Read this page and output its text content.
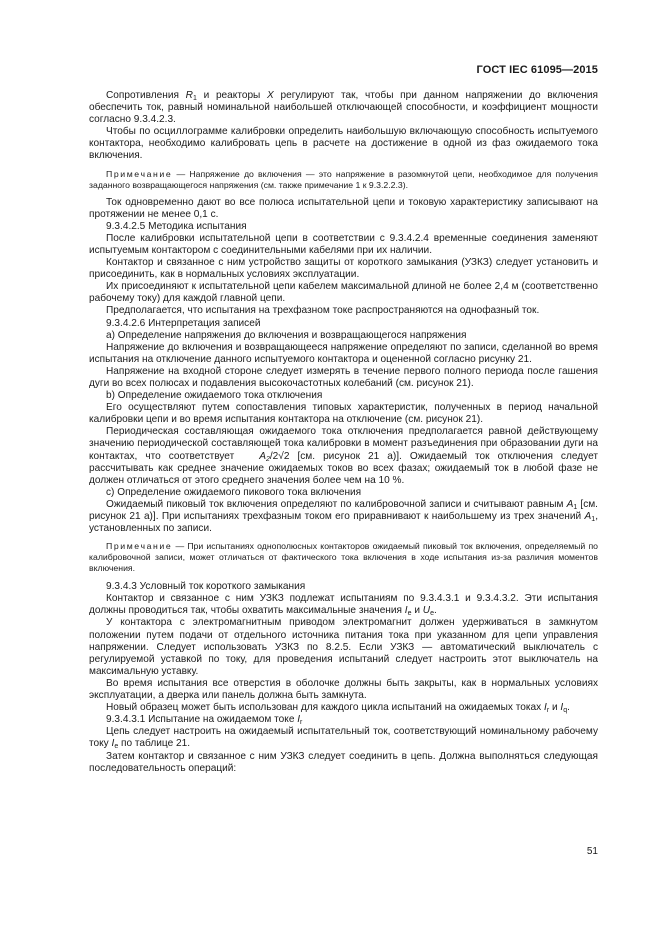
ГОСТ IEC 61095—2015

Сопротивления $R_1$ и реакторы X регулируют так, чтобы при данном напряжении до включения обеспечить ток, равный номинальной наибольшей отключающей способности, и коэффициент мощности согласно 9.3.4.2.3.

Чтобы по осциллограмме калибровки определить наибольшую включающую способность испытуемого контактора, необходимо калибровать цепь в расчете на достижение в одной из фаз ожидаемого тока включения.

Примечание — Напряжение до включения — это напряжение в разомкнутой цепи, необходимое для получения заданного возвращающегося напряжения (см. также примечание 1 к 9.3.2.2.3).

Ток одновременно дают во все полюса испытательной цепи и токовую характеристику записывают на протяжении не менее 0,1 с.

9.3.4.2.5 Методика испытания

После калибровки испытательной цепи в соответствии с 9.3.4.2.4 временные соединения заменяют испытуемым контактором с соединительными кабелями при их наличии.

Контактор и связанное с ним устройство защиты от короткого замыкания (УЗКЗ) следует установить и присоединить, как в нормальных условиях эксплуатации.

Их присоединяют к испытательной цепи кабелем максимальной длиной не более 2,4 м (соответственно рабочему току) для каждой главной цепи.

Предполагается, что испытания на трехфазном токе распространяются на однофазный ток.

9.3.4.2.6 Интерпретация записей

a) Определение напряжения до включения и возвращающегося напряжения

Напряжение до включения и возвращающееся напряжение определяют по записи, сделанной во время испытания на отключение данного испытуемого контактора и оцененной согласно рисунку 21.

Напряжение на входной стороне следует измерять в течение первого полного периода после гашения дуги во всех полюсах и подавления высокочастотных колебаний (см. рисунок 21).

b) Определение ожидаемого тока отключения

Его осуществляют путем сопоставления типовых характеристик, полученных в период начальной калибровки цепи и во время испытания контактора на отключение (см. рисунок 21).

Периодическая составляющая ожидаемого тока отключения предполагается равной действующему значению периодической составляющей тока калибровки в момент разъединения при образовании дуги на контактах, что соответствует $A_2/2√2$ [см. рисунок 21 а)]. Ожидаемый ток отключения следует рассчитывать как среднее значение ожидаемых токов во всех фазах; ожидаемый ток в любой фазе не должен отличаться от этого среднего значения более чем на 10 %.

c) Определение ожидаемого пикового тока включения

Ожидаемый пиковый ток включения определяют по калибровочной записи и считывают равным $A_1$ [см. рисунок 21 а)]. При испытаниях трехфазным током его приравнивают к наибольшему из трех значений $A_1$, установленных по записи.

Примечание — При испытаниях однополюсных контакторов ожидаемый пиковый ток включения, определяемый по калибровочной записи, может отличаться от фактического тока включения в ходе испытания из-за различия моментов включения.

9.3.4.3 Условный ток короткого замыкания

Контактор и связанное с ним УЗКЗ подлежат испытаниям по 9.3.4.3.1 и 9.3.4.3.2. Эти испытания должны проводиться так, чтобы охватить максимальные значения $I_e$ и $U_e$.

У контактора с электромагнитным приводом электромагнит должен удерживаться в замкнутом положении путем подачи от отдельного источника питания тока при указанном для цепи управления напряжении. Следует использовать УЗКЗ по 8.2.5. Если УЗКЗ — автоматический выключатель с регулируемой уставкой по току, для проведения испытаний следует настроить этот выключатель на максимальную уставку.

Во время испытания все отверстия в оболочке должны быть закрыты, как в нормальных условиях эксплуатации, а дверка или панель должна быть замкнута.

Новый образец может быть использован для каждого цикла испытаний на ожидаемых токах $I_r$ и $I_q$.

9.3.4.3.1 Испытание на ожидаемом токе $I_r$

Цепь следует настроить на ожидаемый испытательный ток, соответствующий номинальному рабочему току $I_e$ по таблице 21.

Затем контактор и связанное с ним УЗКЗ следует соединить в цепь. Должна выполняться следующая последовательность операций:

51
